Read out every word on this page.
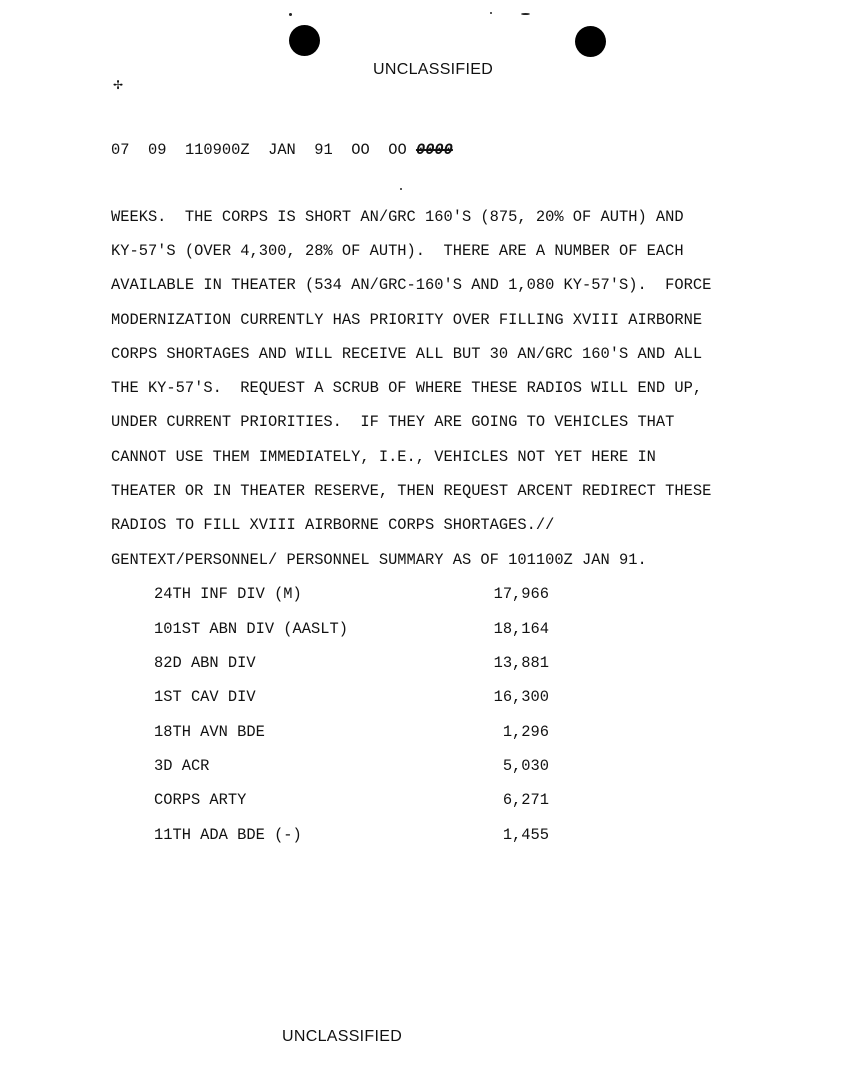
UNCLASSIFIED
✢
07 09 110900Z JAN 91 OO OO 0000
WEEKS.  THE CORPS IS SHORT AN/GRC 160'S (875, 20% OF AUTH) AND
KY-57'S (OVER 4,300, 28% OF AUTH).  THERE ARE A NUMBER OF EACH
AVAILABLE IN THEATER (534 AN/GRC-160'S AND 1,080 KY-57'S).  FORCE
MODERNIZATION CURRENTLY HAS PRIORITY OVER FILLING XVIII AIRBORNE
CORPS SHORTAGES AND WILL RECEIVE ALL BUT 30 AN/GRC 160'S AND ALL
THE KY-57'S.  REQUEST A SCRUB OF WHERE THESE RADIOS WILL END UP,
UNDER CURRENT PRIORITIES.  IF THEY ARE GOING TO VEHICLES THAT
CANNOT USE THEM IMMEDIATELY, I.E., VEHICLES NOT YET HERE IN
THEATER OR IN THEATER RESERVE, THEN REQUEST ARCENT REDIRECT THESE
RADIOS TO FILL XVIII AIRBORNE CORPS SHORTAGES.//
GENTEXT/PERSONNEL/ PERSONNEL SUMMARY AS OF 101100Z JAN 91.
24TH INF DIV (M)	17,966
101ST ABN DIV (AASLT)	18,164
82D ABN DIV	13,881
1ST CAV DIV	16,300
18TH AVN BDE	1,296
3D ACR	5,030
CORPS ARTY	6,271
11TH ADA BDE (-)	1,455
UNCLASSIFIED
